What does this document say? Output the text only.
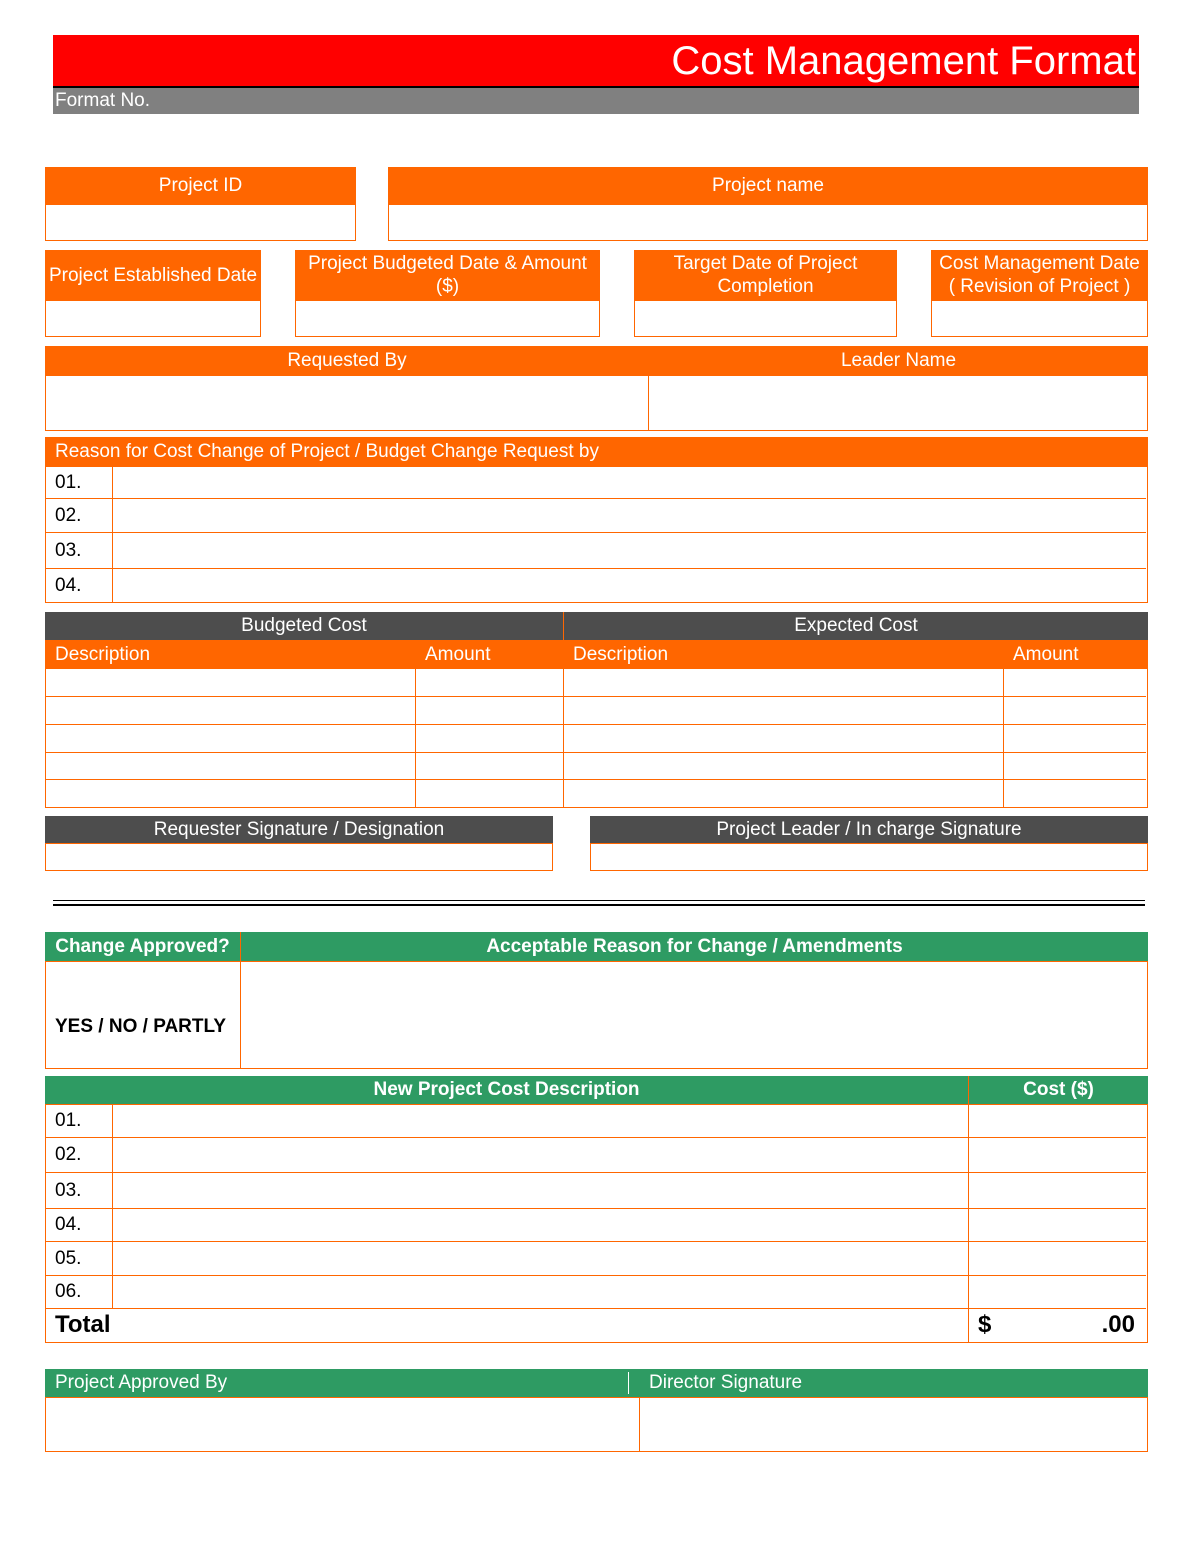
Cost Management Format
Format No.
Project ID	Project name
Project Established Date
Project Budgeted Date & Amount ($)
Target Date of Project
Completion
Cost Management Date
( Revision of Project )
Requested By	Leader Name
Reason for Cost Change of Project / Budget Change Request by
01.
02.
03.
04.
Budgeted Cost	Expected Cost
Description	Amount	Description	Amount
Requester Signature / Designation	Project Leader / In charge Signature
Change Approved?	Acceptable Reason for Change / Amendments
YES / NO / PARTLY
New Project Cost Description	Cost ($)
01.
02.
03.
04.
05.
06.
Total	$	.00
Project Approved By	Director Signature
